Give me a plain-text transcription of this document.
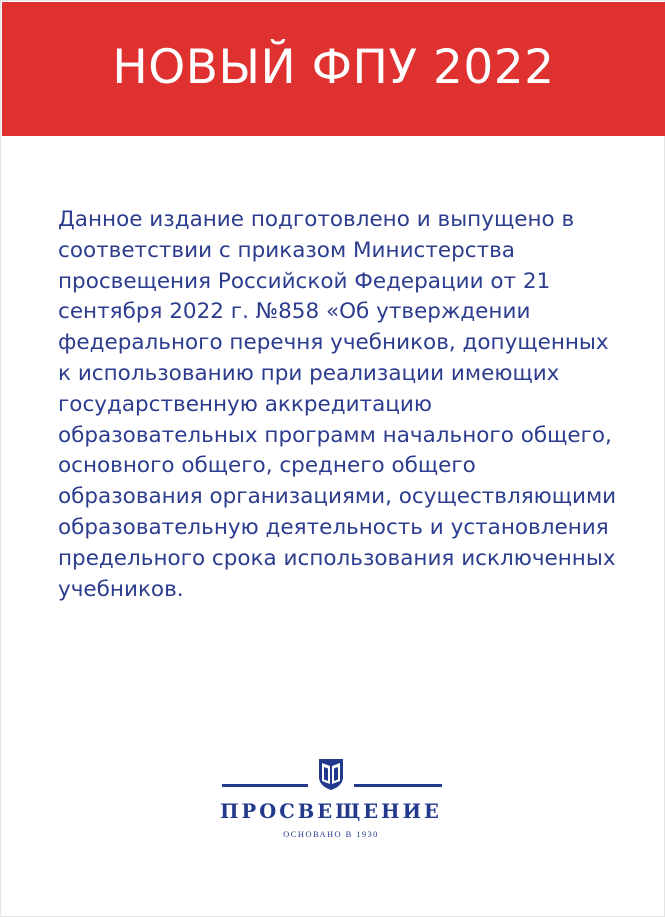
НОВЫЙ ФПУ 2022

Данное издание подготовлено и выпущено в соответствии с приказом Министерства просвещения Российской Федерации от 21 сентября 2022 г. №858 «Об утверждении федерального перечня учебников, допущенных к использованию при реализации имеющих государственную аккредитацию образовательных программ начального общего, основного общего, среднего общего образования организациями, осуществляющими образовательную деятельность и установления предельного срока использования исключенных учебников.

ПРОСВЕЩЕНИЕ
ОСНОВАНО В 1930
